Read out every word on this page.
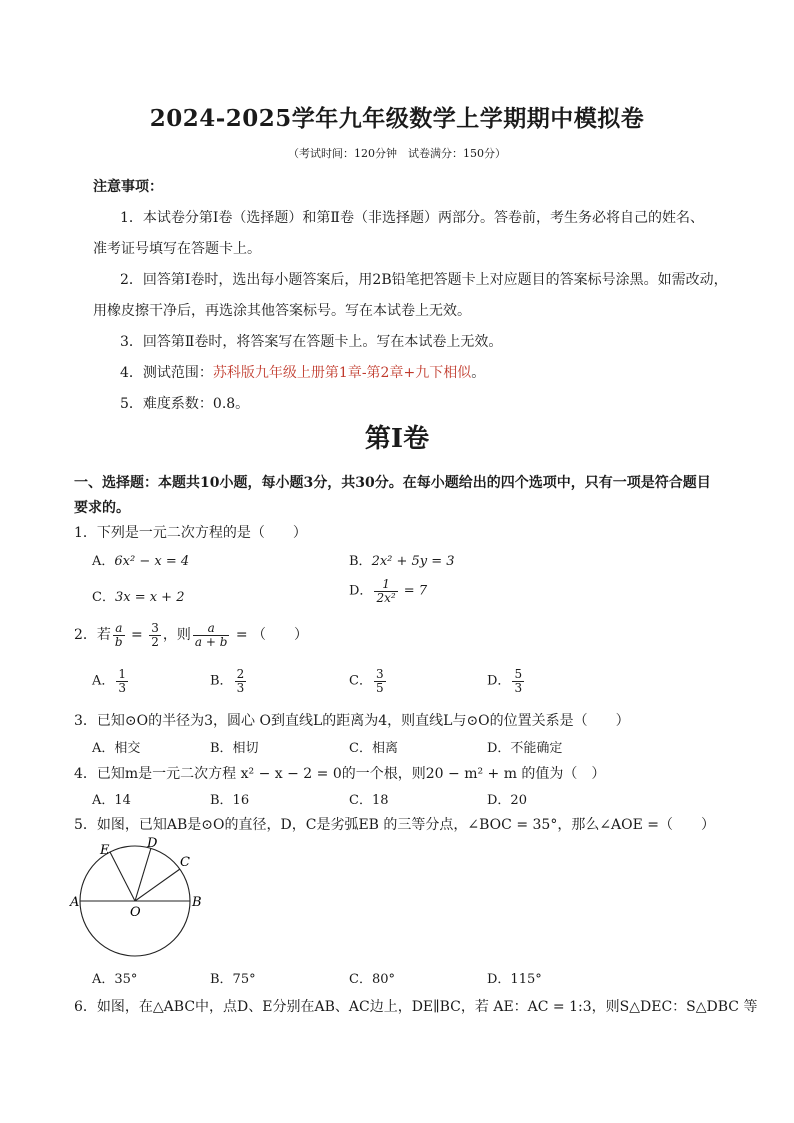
2024-2025学年九年级数学上学期期中模拟卷
（考试时间：120分钟　试卷满分：150分）
注意事项：
1．本试卷分第Ⅰ卷（选择题）和第Ⅱ卷（非选择题）两部分。答卷前，考生务必将自己的姓名、
准考证号填写在答题卡上。
2．回答第Ⅰ卷时，选出每小题答案后，用2B铅笔把答题卡上对应题目的答案标号涂黑。如需改动，
用橡皮擦干净后，再选涂其他答案标号。写在本试卷上无效。
3．回答第Ⅱ卷时，将答案写在答题卡上。写在本试卷上无效。
4．测试范围：苏科版九年级上册第1章-第2章+九下相似。
5．难度系数：0.8。
第Ⅰ卷
一、选择题：本题共10小题，每小题3分，共30分。在每小题给出的四个选项中，只有一项是符合题目
要求的。
1．下列是一元二次方程的是（　　）
A．6x² − x = 4	B．2x² + 5y = 3
C．3x = x + 2	D． $\frac{1}{\text{2x²}} = 7$
2．若 $\frac{a}{b} = \frac{3}{2}$ ，则 $\frac{a}{a + b}$ = （　　）
A． $\frac{1}{3}$	B． $\frac{2}{3}$	C． $\frac{3}{5}$	D． $\frac{5}{3}$
3．已知⊙O的半径为3，圆心 O到直线L的距离为4，则直线L与⊙O的位置关系是（　　）
A．相交	B．相切	C．相离	D．不能确定
4．已知m是一元二次方程 x² − x − 2 = 0的一个根，则20 − m² + m 的值为（　）
A．14	B．16	C．18	D．20
5．如图，已知AB是⊙O的直径，D，C是劣弧EB 的三等分点，∠BOC = 35°，那么∠AOE =（　　）
A	B
C
D
E
O
A．35°	B．75°	C．80°	D．115°
6．如图，在△ABC中，点D、E分别在AB、AC边上，DE∥BC，若 AE：AC = 1:3，则S△DEC：S△DBC 等
